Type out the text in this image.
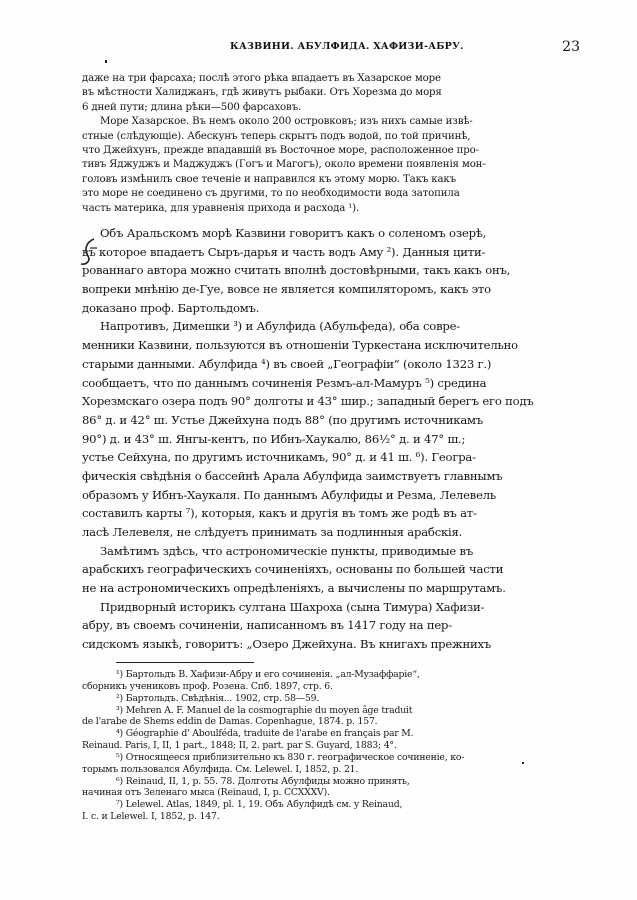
КАЗВИНИ. АБУЛФИДА. ХАФИЗИ-АБРУ.	23
даже на три фарсаха; послѣ этого рѣка впадаетъ въ Хазарское море
въ мѣстности Халиджанъ, гдѣ живутъ рыбаки. Отъ Хорезма до моря
6 дней пути; длина рѣки—500 фарсаховъ.
Море Хазарское. Въ немъ около 200 островковъ; изъ нихъ самые извѣ-
стные (слѣдующіе). Абескунъ теперь скрытъ подъ водой, по той причинѣ,
что Джейхунъ, прежде впадавшій въ Восточное море, расположенное про-
тивъ Яджуджъ и Маджуджъ (Гогъ и Магогъ), около времени появленія мон-
головъ измѣнилъ свое теченіе и направился къ этому морю. Такъ какъ
это море не соединено съ другими, то по необходимости вода затопила
часть материка, для уравненія прихода и расхода ¹).
Объ Аральскомъ морѣ Казвини говоритъ какъ о соленомъ озерѣ,
въ которое впадаетъ Сыръ-дарья и часть водъ Аму ²). Данныя цити-
рованнаго автора можно считать вполнѣ достовѣрными, такъ какъ онъ,
вопреки мнѣнію де-Гуе, вовсе не является компиляторомъ, какъ это
доказано проф. Бартольдомъ.
Напротивъ, Димешки ³) и Абулфида (Абульфеда), оба совре-
менники Казвини, пользуются въ отношеніи Туркестана исключительно
старыми данными. Абулфида ⁴) въ своей „Географіи“ (около 1323 г.)
сообщаетъ, что по даннымъ сочиненія Резмъ-ал-Мамуръ ⁵) средина
Хорезмскаго озера подъ 90° долготы и 43° шир.; западный берегъ его подъ
86° д. и 42° ш. Устье Джейхуна подъ 88° (по другимъ источникамъ
90°) д. и 43° ш. Янгы-кентъ, по Ибнъ-Хаукалю, 86½° д. и 47° ш.;
устье Сейхуна, по другимъ источникамъ, 90° д. и 41 ш. ⁶). Геогра-
фическія свѣдѣнія о бассейнѣ Арала Абулфида заимствуетъ главнымъ
образомъ у Ибнъ-Хаукаля. По даннымъ Абулфиды и Резма, Лелевель
составилъ карты ⁷), которыя, какъ и другія въ томъ же родѣ въ ат-
ласѣ Лелевеля, не слѣдуетъ принимать за подлинныя арабскія.
Замѣтимъ здѣсь, что астрономическіе пункты, приводимые въ
арабскихъ географическихъ сочиненіяхъ, основаны по большей части
не на астрономическихъ опредѣленіяхъ, а вычислены по маршрутамъ.
Придворный историкъ султана Шахроха (сына Тимура) Хафизи-
абру, въ своемъ сочиненіи, написанномъ въ 1417 году на пер-
сидскомъ языкѣ, говоритъ: „Озеро Джейхуна. Въ книгахъ прежнихъ
¹) Бартольдъ В. Хафизи-Абру и его сочиненія. „ал-Музаффаріе“,
сборникъ учениковъ проф. Розена. Спб. 1897, стр. 6.
²) Бартольдъ. Свѣдѣнія... 1902, стр. 58—59.
³) Mehren A. F. Manuel de la cosmographie du moyen âge traduit
de l'arabe de Shems eddin de Damas. Copenhague, 1874. p. 157.
⁴) Géographie d' Aboulféda, traduite de l'arabe en français par M.
Reinaud. Paris, I, II, 1 part., 1848; II, 2. part. par S. Guyard, 1883; 4°.
⁵) Относящееся приблизительно къ 830 г. географическое сочиненіе, ко-
торымъ пользовался Абулфида. См. Lelewel. I, 1852, p. 21.
⁶) Reinaud, II, 1, p. 55. 78. Долготы Абулфиды можно принять,
начиная отъ Зеленаго мыса (Reinaud, I, p. CCXXXV).
⁷) Lelewel. Atlas, 1849, pl. 1, 19. Объ Абулфидѣ см. у Reinaud,
I. с. и Lelewel. I, 1852, p. 147.
